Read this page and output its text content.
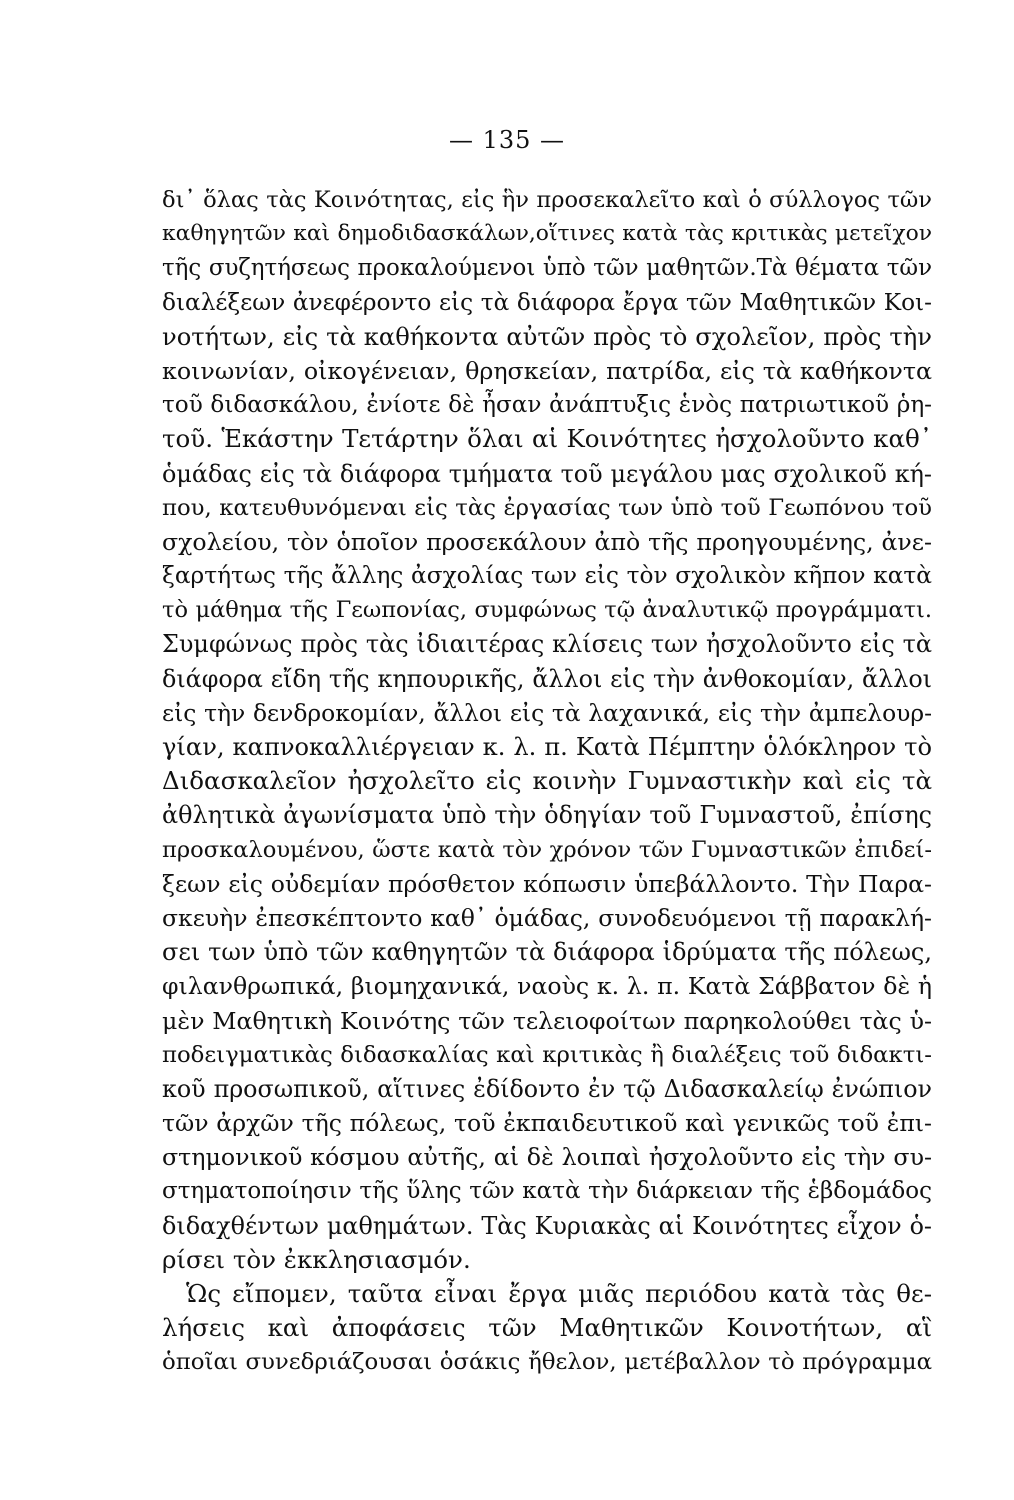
— 135 —
δι᾽ ὅλας τὰς Κοινότητας, εἰς ἣν προσεκαλεῖτο καὶ ὁ σύλλογος τῶν
καθηγητῶν καὶ δημοδιδασκάλων,οἵτινες κατὰ τὰς κριτικὰς μετεῖχον
τῆς συζητήσεως προκαλούμενοι ὑπὸ τῶν μαθητῶν.Τὰ θέματα τῶν
διαλέξεων ἀνεφέροντο εἰς τὰ διάφορα ἔργα τῶν Μαθητικῶν Κοι-
νοτήτων, εἰς τὰ καθήκοντα αὐτῶν πρὸς τὸ σχολεῖον, πρὸς τὴν
κοινωνίαν, οἰκογένειαν, θρησκείαν, πατρίδα, εἰς τὰ καθήκοντα
τοῦ διδασκάλου, ἐνίοτε δὲ ἦσαν ἀνάπτυξις ἑνὸς πατριωτικοῦ ῥη-
τοῦ. Ἑκάστην Τετάρτην ὅλαι αἱ Κοινότητες ἠσχολοῦντο καθ᾽
ὁμάδας εἰς τὰ διάφορα τμήματα τοῦ μεγάλου μας σχολικοῦ κή-
που, κατευθυνόμεναι εἰς τὰς ἐργασίας των ὑπὸ τοῦ Γεωπόνου τοῦ
σχολείου, τὸν ὁποῖον προσεκάλουν ἀπὸ τῆς προηγουμένης, ἀνε-
ξαρτήτως τῆς ἄλλης ἀσχολίας των εἰς τὸν σχολικὸν κῆπον κατὰ
τὸ μάθημα τῆς Γεωπονίας, συμφώνως τῷ ἀναλυτικῷ προγράμματι.
Συμφώνως πρὸς τὰς ἰδιαιτέρας κλίσεις των ἠσχολοῦντο εἰς τὰ
διάφορα εἴδη τῆς κηπουρικῆς, ἄλλοι εἰς τὴν ἀνθοκομίαν, ἄλλοι
εἰς τὴν δενδροκομίαν, ἄλλοι εἰς τὰ λαχανικά, εἰς τὴν ἀμπελουρ-
γίαν, καπνοκαλλιέργειαν κ. λ. π. Κατὰ Πέμπτην ὁλόκληρον τὸ
Διδασκαλεῖον ἠσχολεῖτο εἰς κοινὴν Γυμναστικὴν καὶ εἰς τὰ
ἀθλητικὰ ἀγωνίσματα ὑπὸ τὴν ὁδηγίαν τοῦ Γυμναστοῦ, ἐπίσης
προσκαλουμένου, ὥστε κατὰ τὸν χρόνον τῶν Γυμναστικῶν ἐπιδεί-
ξεων εἰς οὐδεμίαν πρόσθετον κόπωσιν ὑπεβάλλοντο. Τὴν Παρα-
σκευὴν ἐπεσκέπτοντο καθ᾽ ὁμάδας, συνοδευόμενοι τῇ παρακλή-
σει των ὑπὸ τῶν καθηγητῶν τὰ διάφορα ἱδρύματα τῆς πόλεως,
φιλανθρωπικά, βιομηχανικά, ναοὺς κ. λ. π. Κατὰ Σάββατον δὲ ἡ
μὲν Μαθητικὴ Κοινότης τῶν τελειοφοίτων παρηκολούθει τὰς ὑ-
ποδειγματικὰς διδασκαλίας καὶ κριτικὰς ἢ διαλέξεις τοῦ διδακτι-
κοῦ προσωπικοῦ, αἵτινες ἐδίδοντο ἐν τῷ Διδασκαλείῳ ἐνώπιον
τῶν ἀρχῶν τῆς πόλεως, τοῦ ἐκπαιδευτικοῦ καὶ γενικῶς τοῦ ἐπι-
στημονικοῦ κόσμου αὐτῆς, αἱ δὲ λοιπαὶ ἠσχολοῦντο εἰς τὴν συ-
στηματοποίησιν τῆς ὕλης τῶν κατὰ τὴν διάρκειαν τῆς ἑβδομάδος
διδαχθέντων μαθημάτων. Τὰς Κυριακὰς αἱ Κοινότητες εἶχον ὁ-
ρίσει τὸν ἐκκλησιασμόν.
Ὡς εἴπομεν, ταῦτα εἶναι ἔργα μιᾶς περιόδου κατὰ τὰς θε-
λήσεις καὶ ἀποφάσεις τῶν Μαθητικῶν Κοινοτήτων, αἳ
ὁποῖαι συνεδριάζουσαι ὁσάκις ἤθελον, μετέβαλλον τὸ πρόγραμμα
